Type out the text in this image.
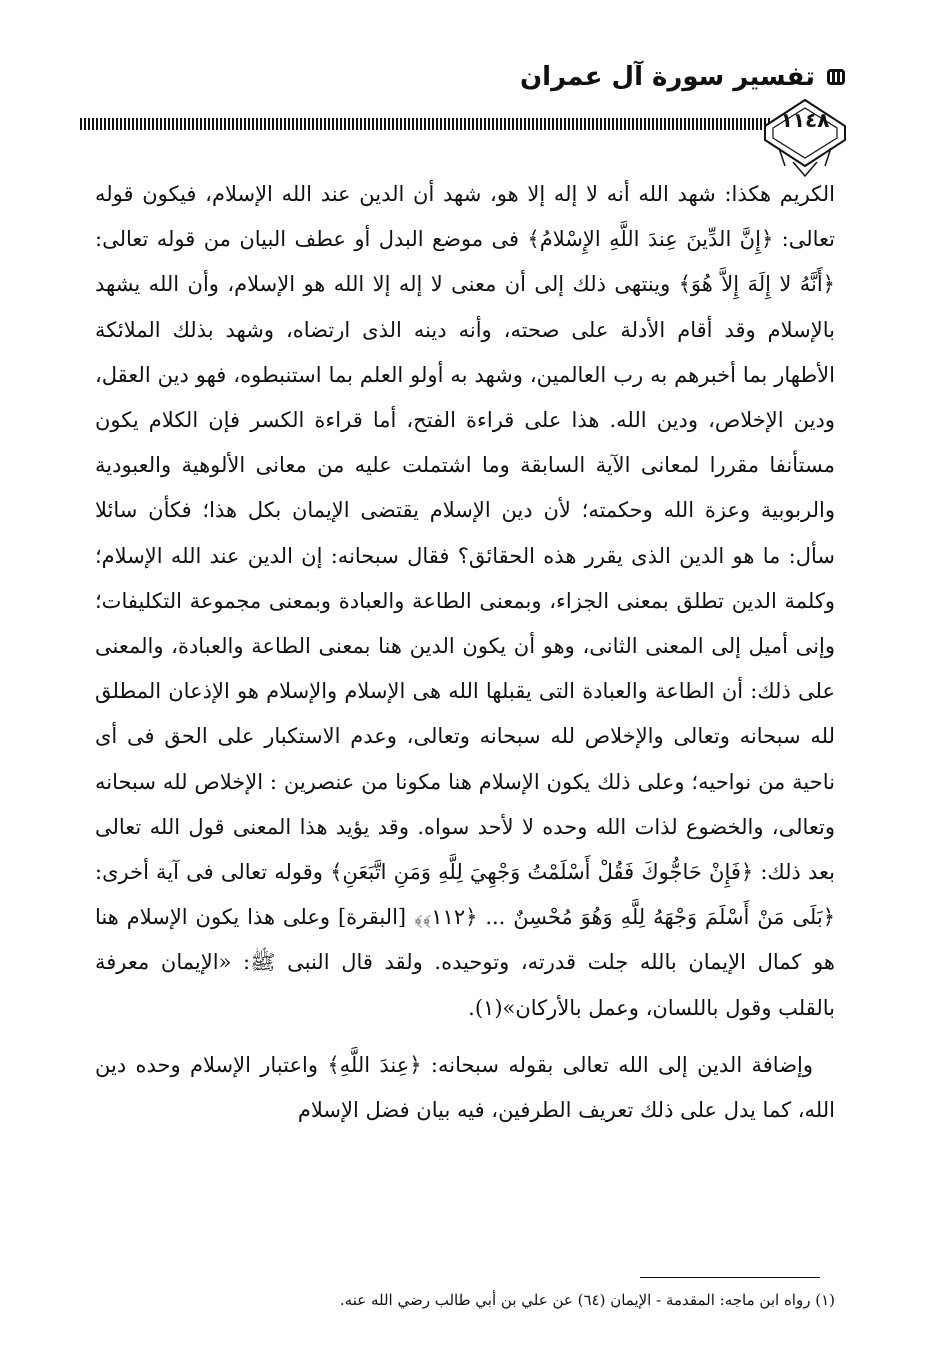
تفسير سورة آل عمران
١١٤٨

الكريم هكذا: شهد الله أنه لا إله إلا هو، شهد أن الدين عند الله الإسلام، فيكون قوله تعالى: ﴿إِنَّ الدِّينَ عِندَ اللَّهِ الإِسْلامُ﴾ فى موضع البدل أو عطف البيان من قوله تعالى: ﴿أَنَّهُ لا إِلَهَ إِلاَّ هُوَ﴾ وينتهى ذلك إلى أن معنى لا إله إلا الله هو الإسلام، وأن الله يشهد بالإسلام وقد أقام الأدلة على صحته، وأنه دينه الذى ارتضاه، وشهد بذلك الملائكة الأطهار بما أخبرهم به رب العالمين، وشهد به أولو العلم بما استنبطوه، فهو دين العقل، ودين الإخلاص، ودين الله. هذا على قراءة الفتح، أما قراءة الكسر فإن الكلام يكون مستأنفا مقررا لمعانى الآية السابقة وما اشتملت عليه من معانى الألوهية والعبودية والربوبية وعزة الله وحكمته؛ لأن دين الإسلام يقتضى الإيمان بكل هذا؛ فكأن سائلا سأل: ما هو الدين الذى يقرر هذه الحقائق؟ فقال سبحانه: إن الدين عند الله الإسلام؛ وكلمة الدين تطلق بمعنى الجزاء، وبمعنى الطاعة والعبادة وبمعنى مجموعة التكليفات؛ وإنى أميل إلى المعنى الثانى، وهو أن يكون الدين هنا بمعنى الطاعة والعبادة، والمعنى على ذلك: أن الطاعة والعبادة التى يقبلها الله هى الإسلام والإسلام هو الإذعان المطلق لله سبحانه وتعالى والإخلاص لله سبحانه وتعالى، وعدم الاستكبار على الحق فى أى ناحية من نواحيه؛ وعلى ذلك يكون الإسلام هنا مكونا من عنصرين : الإخلاص لله سبحانه وتعالى، والخضوع لذات الله وحده لا لأحد سواه. وقد يؤيد هذا المعنى قول الله تعالى بعد ذلك: ﴿فَإِنْ حَاجُّوكَ فَقُلْ أَسْلَمْتُ وَجْهِيَ لِلَّهِ وَمَنِ اتَّبَعَنِ﴾ وقوله تعالى فى آية أخرى: ﴿بَلَى مَنْ أَسْلَمَ وَجْهَهُ لِلَّهِ وَهُوَ مُحْسِنٌ ... ﴿١١٢﴾﴾ [البقرة] وعلى هذا يكون الإسلام هنا هو كمال الإيمان بالله جلت قدرته، وتوحيده. ولقد قال النبى ﷺ: «الإيمان معرفة بالقلب وقول باللسان، وعمل بالأركان»(١).

وإضافة الدين إلى الله تعالى بقوله سبحانه: ﴿عِندَ اللَّهِ﴾ واعتبار الإسلام وحده دين الله، كما يدل على ذلك تعريف الطرفين، فيه بيان فضل الإسلام

(١) رواه ابن ماجه: المقدمة - الإيمان (٦٤) عن علي بن أبي طالب رضي الله عنه.
